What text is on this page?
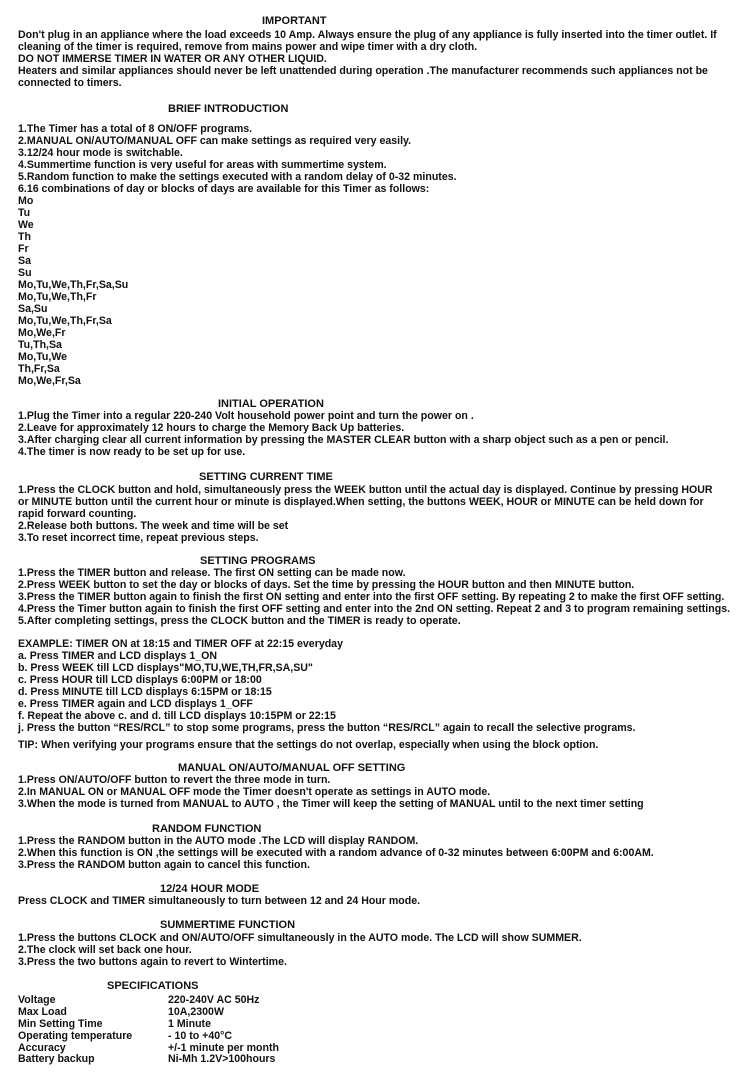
IMPORTANT
Don't plug in an appliance where the load exceeds 10 Amp. Always ensure the plug of any appliance is fully inserted into the timer outlet. If
cleaning of the timer is required, remove from mains power and wipe timer with a dry cloth.
DO NOT IMMERSE TIMER IN WATER OR ANY OTHER LIQUID.
Heaters and similar appliances should never be left unattended during operation .The manufacturer recommends such appliances not be
connected to timers.
BRIEF INTRODUCTION
1.The Timer has a total of 8 ON/OFF programs.
2.MANUAL ON/AUTO/MANUAL OFF can make settings as required very easily.
3.12/24 hour mode is switchable.
4.Summertime function is very useful for areas with summertime system.
5.Random function to make the settings executed with a random delay of 0-32 minutes.
6.16 combinations of day or blocks of days are available for this Timer as follows:
Mo
Tu
We
Th
Fr
Sa
Su
Mo,Tu,We,Th,Fr,Sa,Su
Mo,Tu,We,Th,Fr
Sa,Su
Mo,Tu,We,Th,Fr,Sa
Mo,We,Fr
Tu,Th,Sa
Mo,Tu,We
Th,Fr,Sa
Mo,We,Fr,Sa
INITIAL OPERATION
1.Plug the Timer into a regular 220-240 Volt household power point and turn the power on .
2.Leave for approximately 12 hours to charge the Memory Back Up batteries.
3.After charging clear all current information by pressing the MASTER CLEAR button with a sharp object such as a pen or pencil.
4.The timer is now ready to be set up for use.
SETTING CURRENT TIME
1.Press the CLOCK button and hold, simultaneously press the WEEK button until the actual day is displayed. Continue by pressing HOUR
or MINUTE button until the current hour or minute is displayed.When setting, the buttons WEEK, HOUR or MINUTE can be held down for
rapid forward counting.
2.Release both buttons. The week and time will be set
3.To reset incorrect time, repeat previous steps.
SETTING PROGRAMS
1.Press the TIMER button and release. The first ON setting can be made now.
2.Press WEEK button to set the day or blocks of days. Set the time by pressing the HOUR button and then MINUTE button.
3.Press the TIMER button again to finish the first ON setting and enter into the first OFF setting. By repeating 2 to make the first OFF setting.
4.Press the Timer button again to finish the first OFF setting and enter into the 2nd ON setting. Repeat 2 and 3 to program remaining settings.
5.After completing settings, press the CLOCK button and the TIMER is ready to operate.
EXAMPLE: TIMER ON at 18:15 and TIMER OFF at 22:15 everyday
a. Press TIMER and LCD displays 1_ON
b. Press WEEK till LCD displays"MO,TU,WE,TH,FR,SA,SU"
c. Press HOUR till LCD displays 6:00PM or 18:00
d. Press MINUTE till LCD displays 6:15PM or 18:15
e. Press TIMER again and LCD displays 1_OFF
f. Repeat the above c. and d. till LCD displays 10:15PM or 22:15
j. Press the button “RES/RCL” to stop some programs, press the button “RES/RCL” again to recall the selective programs.
TIP: When verifying your programs ensure that the settings do not overlap, especially when using the block option.
MANUAL ON/AUTO/MANUAL OFF SETTING
1.Press ON/AUTO/OFF button to revert the three mode in turn.
2.In MANUAL ON or MANUAL OFF mode the Timer doesn't operate as settings in AUTO mode.
3.When the mode is turned from MANUAL to AUTO , the Timer will keep the setting of MANUAL until to the next timer setting
RANDOM FUNCTION
1.Press the RANDOM button in the AUTO mode .The LCD will display RANDOM.
2.When this function is ON ,the settings will be executed with a random advance of 0-32 minutes between 6:00PM and 6:00AM.
3.Press the RANDOM button again to cancel this function.
12/24 HOUR MODE
Press CLOCK and TIMER simultaneously to turn between 12 and 24 Hour mode.
SUMMERTIME FUNCTION
1.Press the buttons CLOCK and ON/AUTO/OFF simultaneously in the AUTO mode. The LCD will show SUMMER.
2.The clock will set back one hour.
3.Press the two buttons again to revert to Wintertime.
SPECIFICATIONS
Voltage	220-240V AC 50Hz
Max Load	10A,2300W
Min Setting Time	1 Minute
Operating temperature	- 10 to +40°C
Accuracy	+/-1 minute per month
Battery backup	Ni-Mh 1.2V>100hours
